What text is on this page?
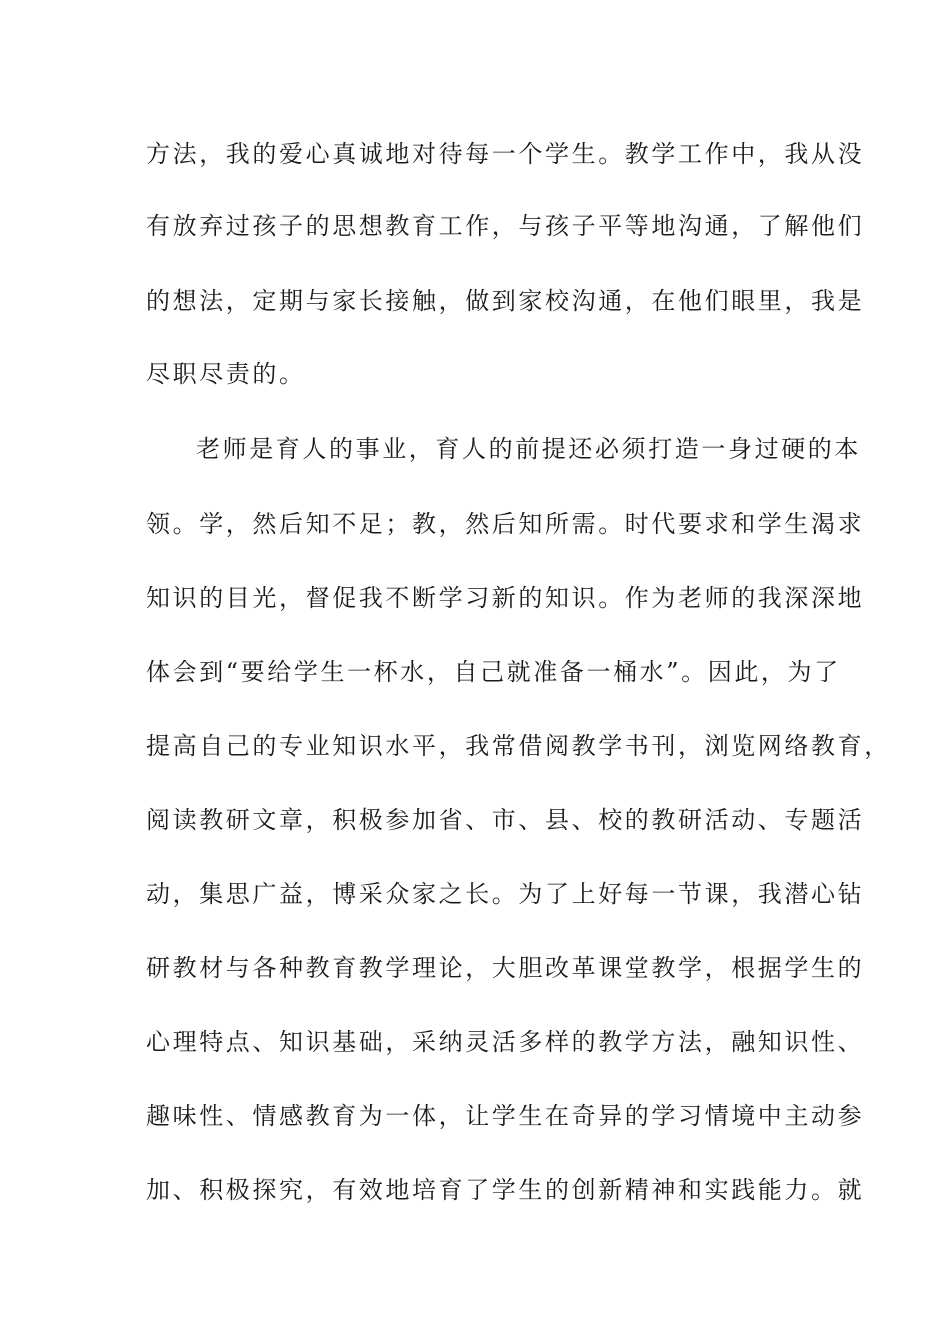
方法，我的爱心真诚地对待每一个学生。教学工作中，我从没
有放弃过孩子的思想教育工作，与孩子平等地沟通，了解他们
的想法，定期与家长接触，做到家校沟通，在他们眼里，我是
尽职尽责的。
老师是育人的事业，育人的前提还必须打造一身过硬的本
领。学，然后知不足；教，然后知所需。时代要求和学生渴求
知识的目光，督促我不断学习新的知识。作为老师的我深深地
体会到“要给学生一杯水，自己就准备一桶水”。因此，为了
提高自己的专业知识水平，我常借阅教学书刊，浏览网络教育，
阅读教研文章，积极参加省、市、县、校的教研活动、专题活
动，集思广益，博采众家之长。为了上好每一节课，我潜心钻
研教材与各种教育教学理论，大胆改革课堂教学，根据学生的
心理特点、知识基础，采纳灵活多样的教学方法，融知识性、
趣味性、情感教育为一体，让学生在奇异的学习情境中主动参
加、积极探究，有效地培育了学生的创新精神和实践能力。就
